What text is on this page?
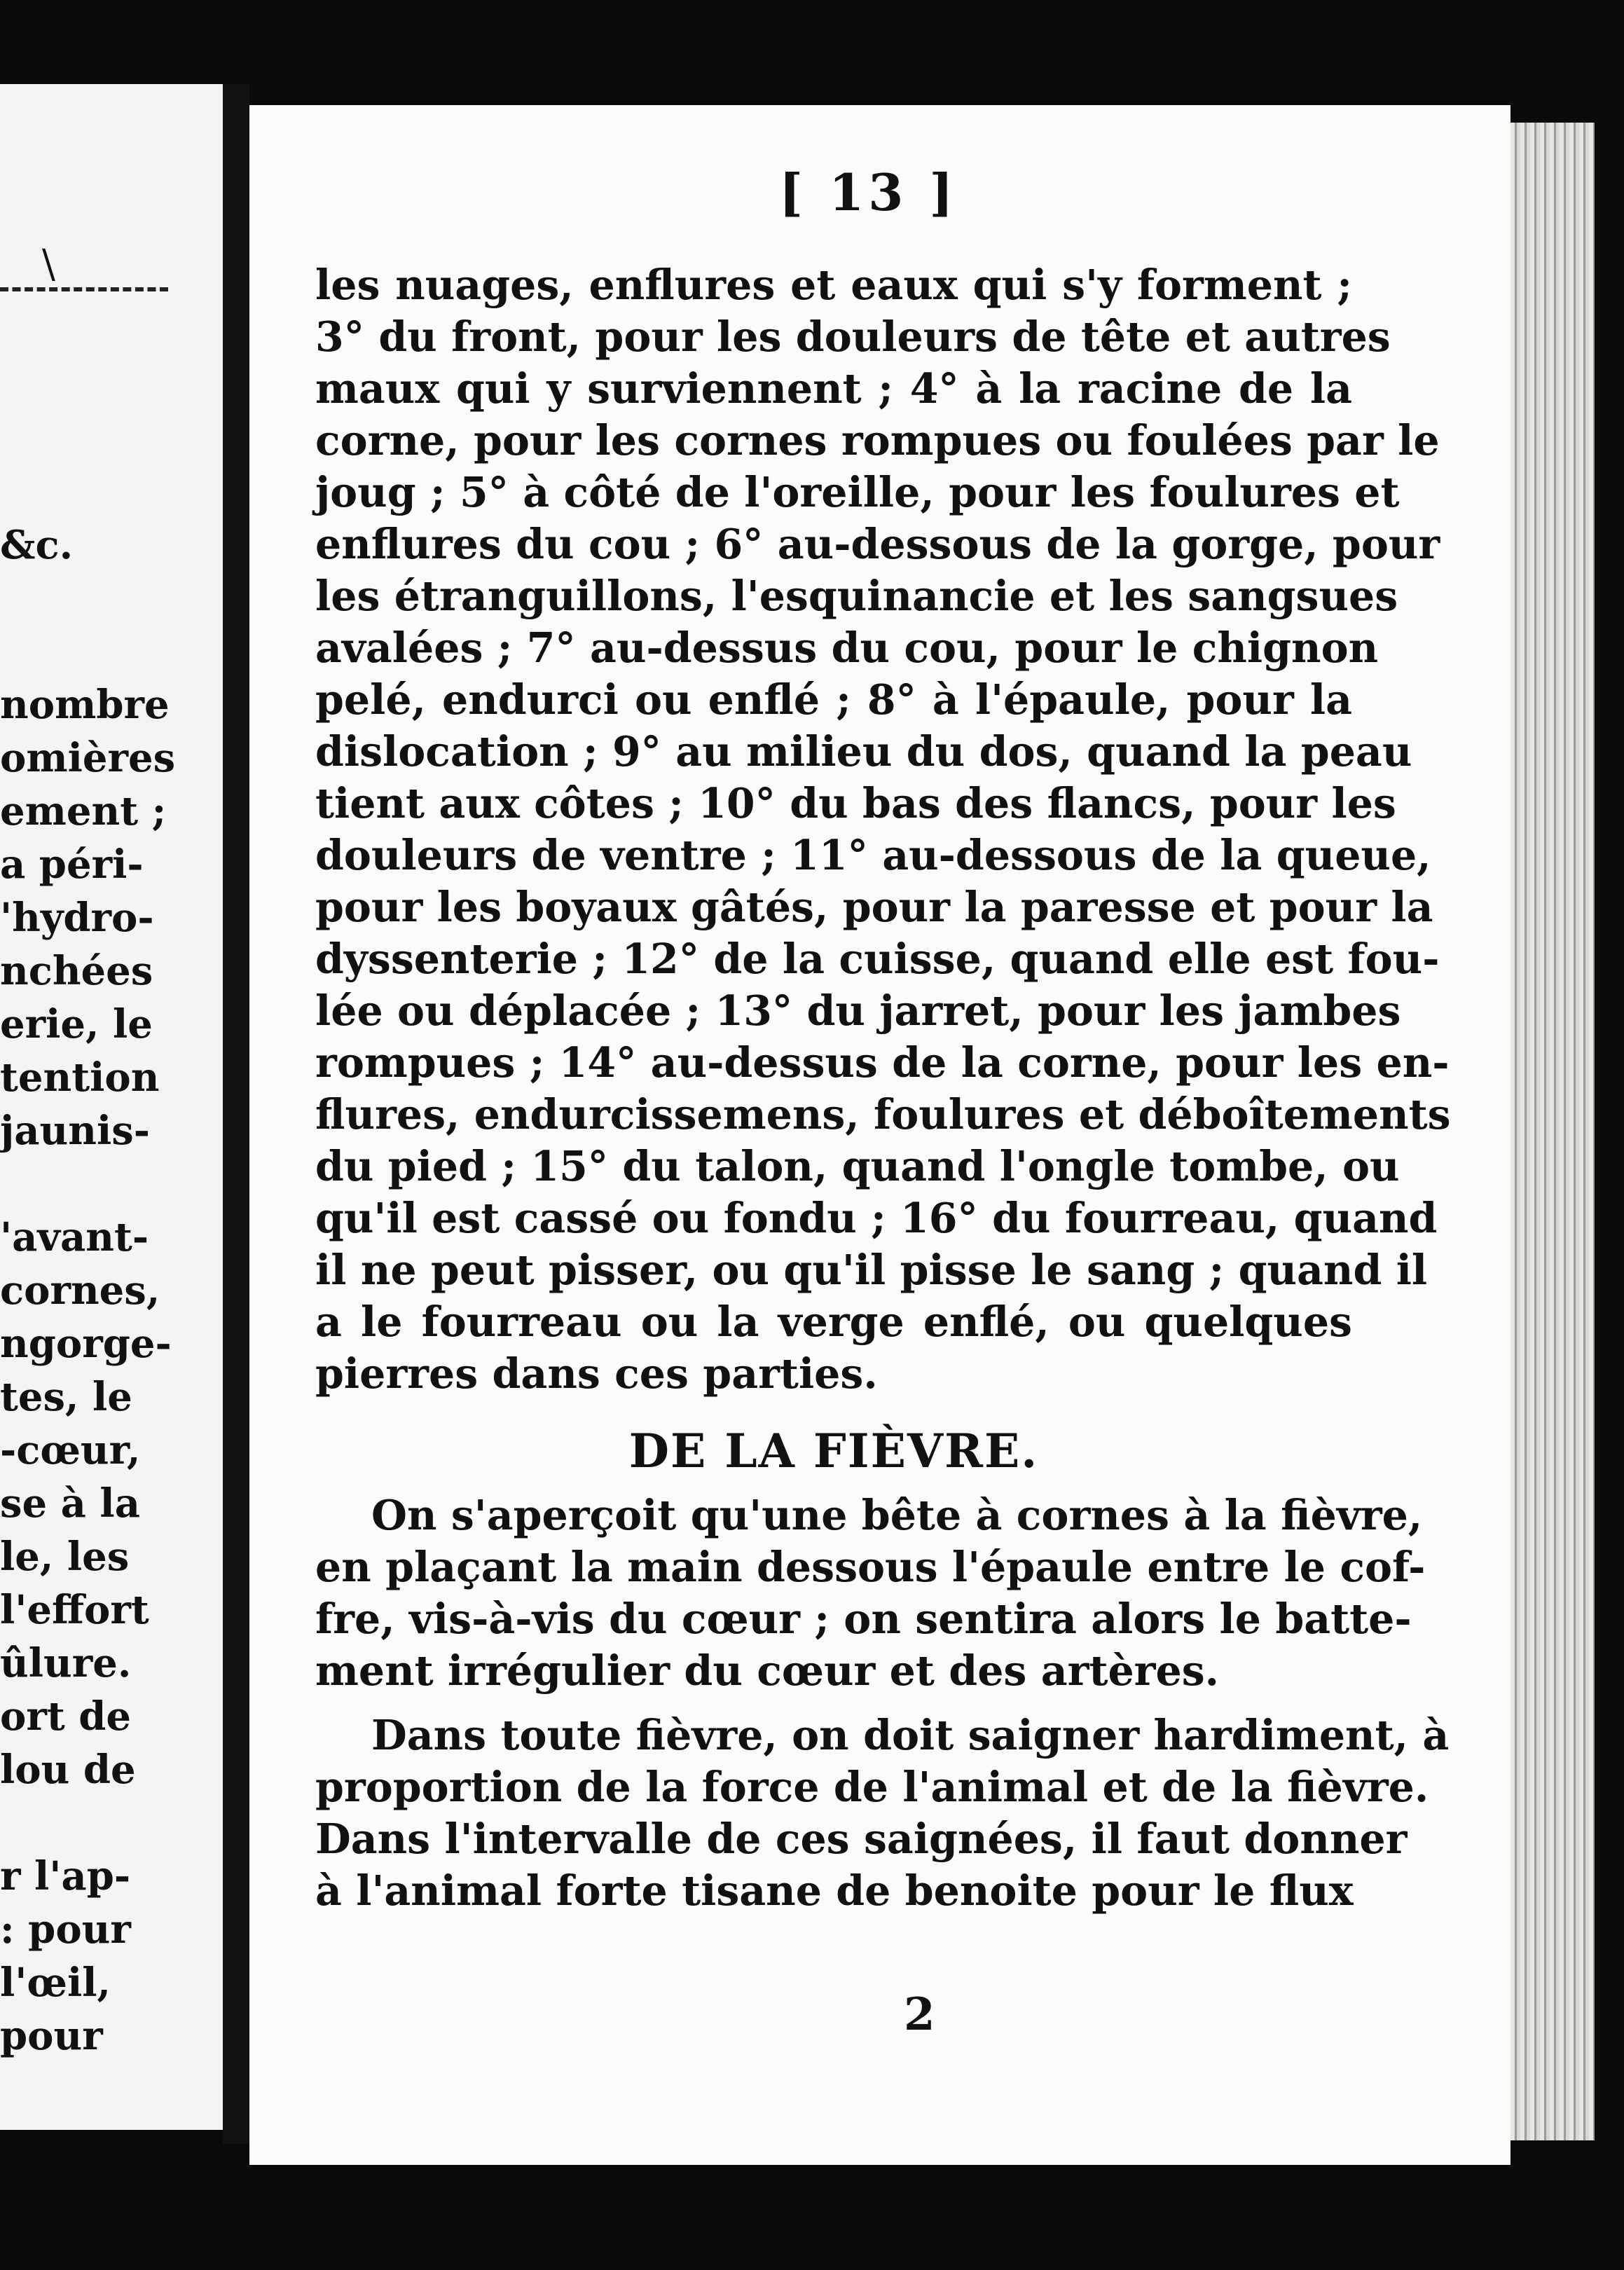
\
&c.
nombre
omières
ement ;
a péri-
'hydro-
nchées
erie, le
tention
jaunis-
'avant-
cornes,
ngorge-
tes, le
-cœur,
se à la
le, les
l'effort
ûlure.
ort de
lou de
r l'ap-
: pour
l'œil,
pour
[ 13 ]
les nuages, enflures et eaux qui s'y forment ;
3° du front, pour les douleurs de tête et autres
maux qui y surviennent ; 4° à la racine de la
corne, pour les cornes rompues ou foulées par le
joug ; 5° à côté de l'oreille, pour les foulures et
enflures du cou ; 6° au-dessous de la gorge, pour
les étranguillons, l'esquinancie et les sangsues
avalées ; 7° au-dessus du cou, pour le chignon
pelé, endurci ou enflé ; 8° à l'épaule, pour la
dislocation ; 9° au milieu du dos, quand la peau
tient aux côtes ; 10° du bas des flancs, pour les
douleurs de ventre ; 11° au-dessous de la queue,
pour les boyaux gâtés, pour la paresse et pour la
dyssenterie ; 12° de la cuisse, quand elle est fou-
lée ou déplacée ; 13° du jarret, pour les jambes
rompues ; 14° au-dessus de la corne, pour les en-
flures, endurcissemens, foulures et déboîtements
du pied ; 15° du talon, quand l'ongle tombe, ou
qu'il est cassé ou fondu ; 16° du fourreau, quand
il ne peut pisser, ou qu'il pisse le sang ; quand il
a le fourreau ou la verge enflé, ou quelques
pierres dans ces parties.
DE LA FIÈVRE.
On s'aperçoit qu'une bête à cornes à la fièvre,
en plaçant la main dessous l'épaule entre le cof-
fre, vis-à-vis du cœur ; on sentira alors le batte-
ment irrégulier du cœur et des artères.
Dans toute fièvre, on doit saigner hardiment, à
proportion de la force de l'animal et de la fièvre.
Dans l'intervalle de ces saignées, il faut donner
à l'animal forte tisane de benoite pour le flux
2
